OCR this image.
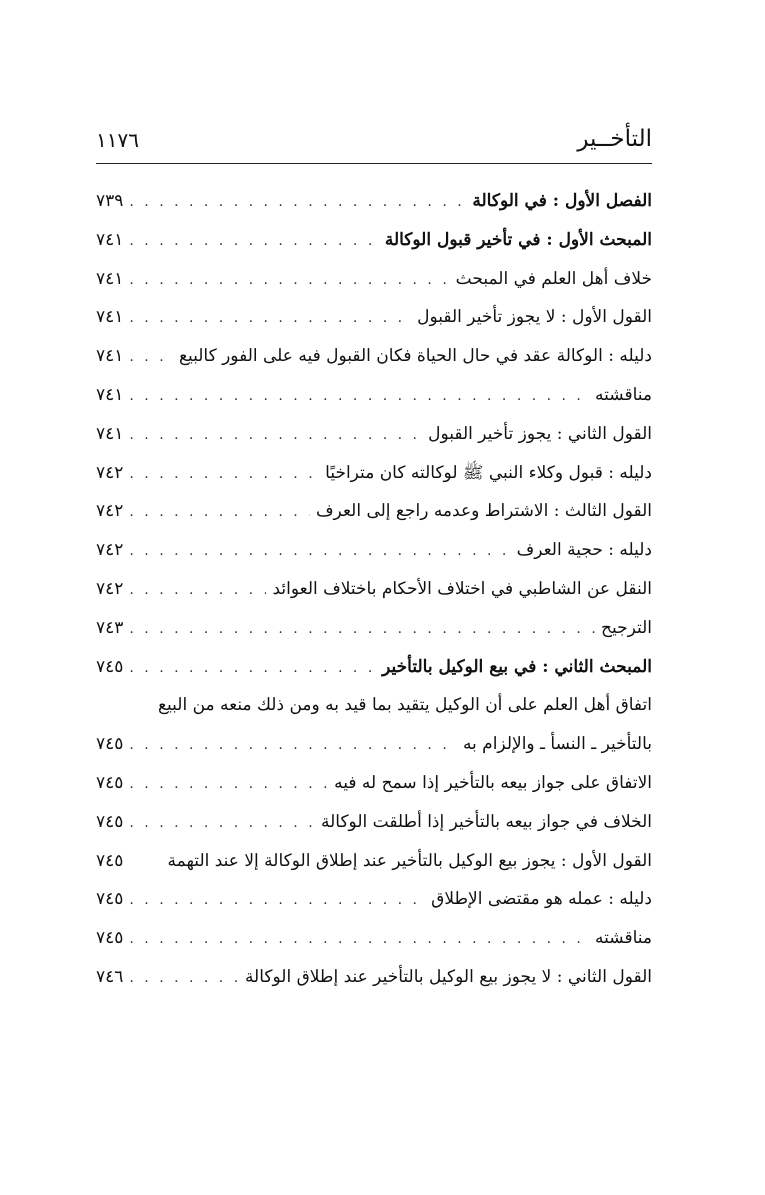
التأخــير
١١٧٦
الفصل الأول : في الوكالة
. . .
٧٣٩
المبحث الأول : في تأخير قبول الوكالة
. . .
٧٤١
خلاف أهل العلم في المبحث
. . .
٧٤١
القول الأول : لا يجوز تأخير القبول
. . .
٧٤١
دليله : الوكالة عقد في حال الحياة فكان القبول فيه على الفور كالبيع
. . .
٧٤١
مناقشته
. . .
٧٤١
القول الثاني : يجوز تأخير القبول
. . .
٧٤١
دليله : قبول وكلاء النبي ﷺ لوكالته كان متراخيًا
. . .
٧٤٢
القول الثالث : الاشتراط وعدمه راجع إلى العرف
. . .
٧٤٢
دليله : حجية العرف
. . .
٧٤٢
النقل عن الشاطبي في اختلاف الأحكام باختلاف العوائد
. . .
٧٤٢
الترجيح
. . .
٧٤٣
المبحث الثاني : في بيع الوكيل بالتأخير
. . .
٧٤٥
اتفاق أهل العلم على أن الوكيل يتقيد بما قيد به ومن ذلك منعه من البيع
بالتأخير ـ النسأ ـ والإلزام به
. . .
٧٤٥
الاتفاق على جواز بيعه بالتأخير إذا سمح له فيه
. . .
٧٤٥
الخلاف في جواز بيعه بالتأخير إذا أطلقت الوكالة
. . .
٧٤٥
القول الأول : يجوز بيع الوكيل بالتأخير عند إطلاق الوكالة إلا عند التهمة
٧٤٥
دليله : عمله هو مقتضى الإطلاق
. . .
٧٤٥
مناقشته
. . .
٧٤٥
القول الثاني : لا يجوز بيع الوكيل بالتأخير عند إطلاق الوكالة
. . .
٧٤٦
